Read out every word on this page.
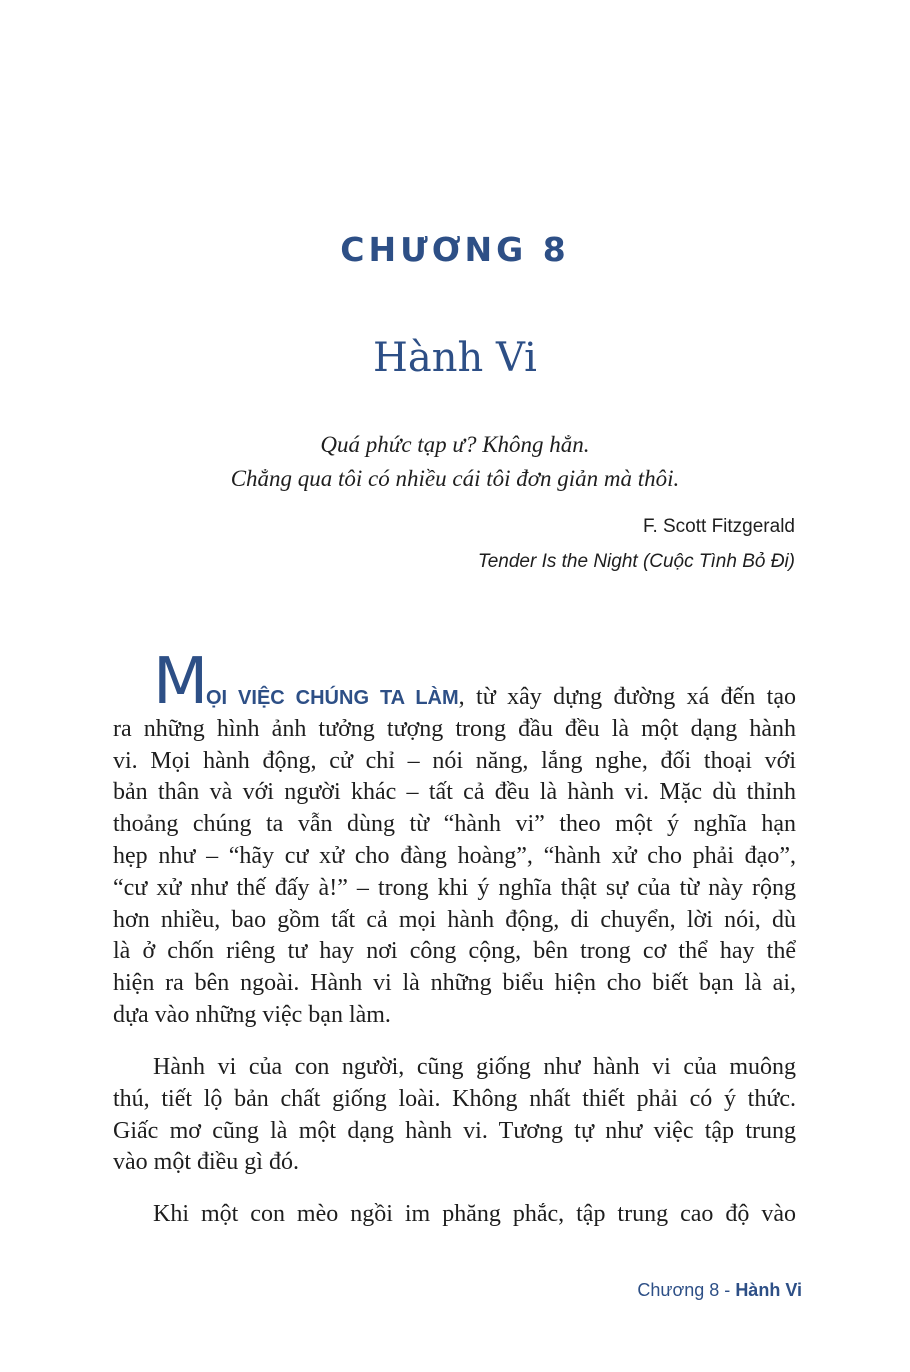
CHƯƠNG 8
Hành Vi
Quá phức tạp ư? Không hẳn.
Chẳng qua tôi có nhiều cái tôi đơn giản mà thôi.
F. Scott Fitzgerald
Tender Is the Night (Cuộc Tình Bỏ Đi)
M
ỌI VIỆC CHÚNG TA LÀM, từ xây dựng đường xá đến tạo
ra những hình ảnh tưởng tượng trong đầu đều là một dạng hành
vi. Mọi hành động, cử chỉ – nói năng, lắng nghe, đối thoại với
bản thân và với người khác – tất cả đều là hành vi. Mặc dù thỉnh
thoảng chúng ta vẫn dùng từ “hành vi” theo một ý nghĩa hạn
hẹp như – “hãy cư xử cho đàng hoàng”, “hành xử cho phải đạo”,
“cư xử như thế đấy à!” – trong khi ý nghĩa thật sự của từ này rộng
hơn nhiều, bao gồm tất cả mọi hành động, di chuyển, lời nói, dù
là ở chốn riêng tư hay nơi công cộng, bên trong cơ thể hay thể
hiện ra bên ngoài. Hành vi là những biểu hiện cho biết bạn là ai,
dựa vào những việc bạn làm.
Hành vi của con người, cũng giống như hành vi của muông
thú, tiết lộ bản chất giống loài. Không nhất thiết phải có ý thức.
Giấc mơ cũng là một dạng hành vi. Tương tự như việc tập trung
vào một điều gì đó.
Khi một con mèo ngồi im phăng phắc, tập trung cao độ vào
Chương 8 - Hành Vi
